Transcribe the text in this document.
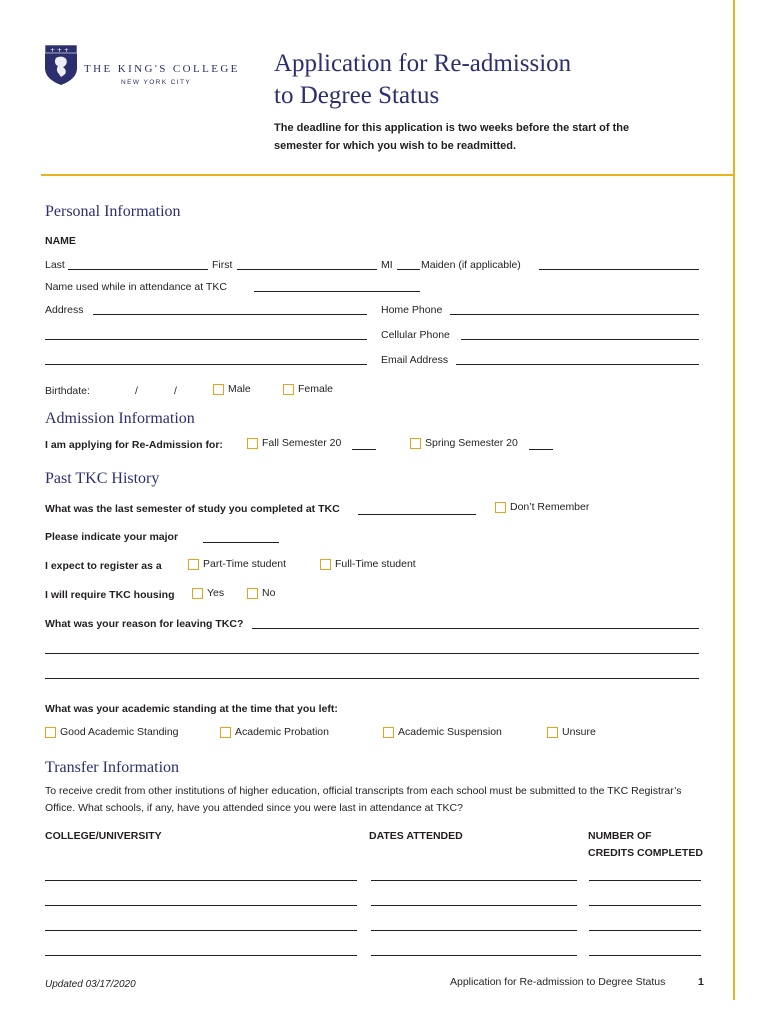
+ + +
THE KING'S COLLEGE
NEW YORK CITY
Application for Re-admission
to Degree Status
The deadline for this application is two weeks before the start of the semester for which you wish to be readmitted.
Personal Information
NAME
Last	First	MI	Maiden (if applicable)
Name used while in attendance at TKC
Address	Home Phone
Cellular Phone
Email Address
Birthdate:	/	/	Male	Female
Admission Information
I am applying for Re-Admission for:	Fall Semester 20	Spring Semester 20
Past TKC History
What was the last semester of study you completed at TKC	Don’t Remember
Please indicate your major
I expect to register as a	Part-Time student	Full-Time student
I will require TKC housing	Yes	No
What was your reason for leaving TKC?
What was your academic standing at the time that you left:
Good Academic Standing	Academic Probation	Academic Suspension	Unsure
Transfer Information
To receive credit from other institutions of higher education, official transcripts from each school must be submitted to the TKC Registrar’s Office. What schools, if any, have you attended since you were last in attendance at TKC?
COLLEGE/UNIVERSITY	DATES ATTENDED	NUMBER OF
CREDITS COMPLETED
Updated 03/17/2020	Application for Re-admission to Degree Status	1
